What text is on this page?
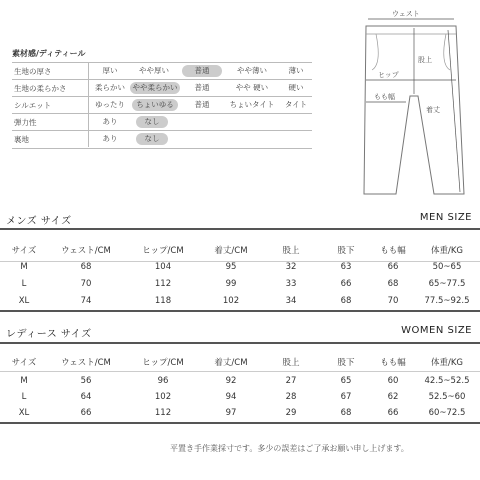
素材感/ディティール
生地の厚さ	厚い	やや厚い	普通	やや薄い	薄い
生地の柔らかさ	柔らかい	やや柔らかい	普通	やや 硬い	硬い
シルエット	ゆったり	ちょいゆる	普通	ちょいタイト	タイト
弾力性	あり	なし
裏地	あり	なし
ウェスト
股上
ヒップ
もも幅
着丈
メンズ サイズ	MEN SIZE
サイズ	ウェスト/CM	ヒップ/CM	着丈/CM	股上	股下	もも幅	体重/KG
M	68	104	95	32	63	66	50~65
L	70	112	99	33	66	68	65~77.5
XL	74	118	102	34	68	70	77.5~92.5
レディース サイズ	WOMEN SIZE
サイズ	ウェスト/CM	ヒップ/CM	着丈/CM	股上	股下	もも幅	体重/KG
M	56	96	92	27	65	60	42.5~52.5
L	64	102	94	28	67	62	52.5~60
XL	66	112	97	29	68	66	60~72.5
平置き手作業採寸です。多少の誤差はご了承お願い申し上げます。
